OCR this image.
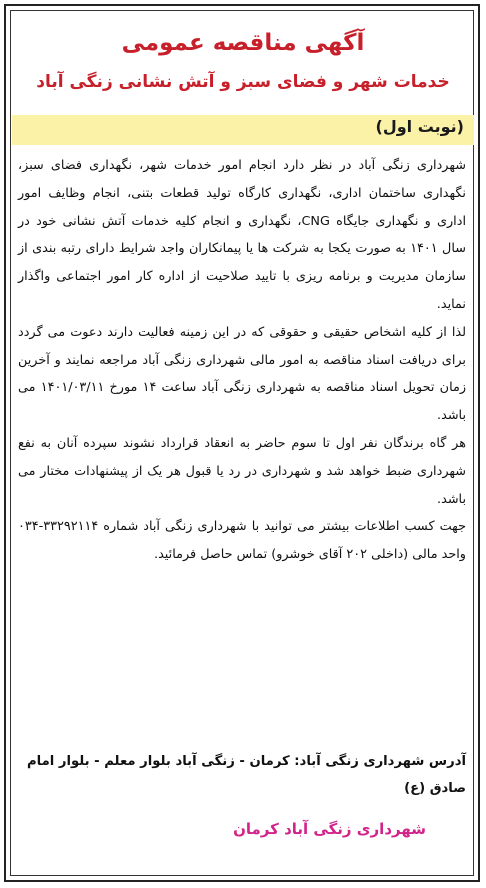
آگهی مناقصه عمومی
خدمات شهر و فضای سبز و آتش نشانی زنگی آباد
(نوبت اول)

شهرداری زنگی آباد در نظر دارد انجام امور خدمات شهر، نگهداری فضای سبز، نگهداری ساختمان اداری، نگهداری کارگاه تولید قطعات بتنی، انجام وظایف امور اداری و نگهداری جایگاه CNG، نگهداری و انجام کلیه خدمات آتش نشانی خود در سال ۱۴۰۱ به صورت یکجا به شرکت ها یا پیمانکاران واجد شرایط دارای رتبه بندی از سازمان مدیریت و برنامه ریزی با تایید صلاحیت از اداره کار امور اجتماعی واگذار نماید.

لذا از کلیه اشخاص حقیقی و حقوقی که در این زمینه فعالیت دارند دعوت می گردد برای دریافت اسناد مناقصه به امور مالی شهرداری زنگی آباد مراجعه نمایند و آخرین زمان تحویل اسناد مناقصه به شهرداری زنگی آباد ساعت ۱۴ مورخ ۱۴۰۱/۰۳/۱۱ می باشد.

هر گاه برندگان نفر اول تا سوم حاضر به انعقاد قرارداد نشوند سپرده آنان به نفع شهرداری ضبط خواهد شد و شهرداری در رد یا قبول هر یک از پیشنهادات مختار می باشد.

جهت کسب اطلاعات بیشتر می توانید با شهرداری زنگی آباد شماره ۳۳۲۹۲۱۱۴-۰۳۴ واحد مالی (داخلی ۲۰۲ آقای خوشرو) تماس حاصل فرمائید.

آدرس شهرداری زنگی آباد: کرمان - زنگی آباد بلوار معلم - بلوار امام صادق (ع)
شهرداری زنگی آباد کرمان
